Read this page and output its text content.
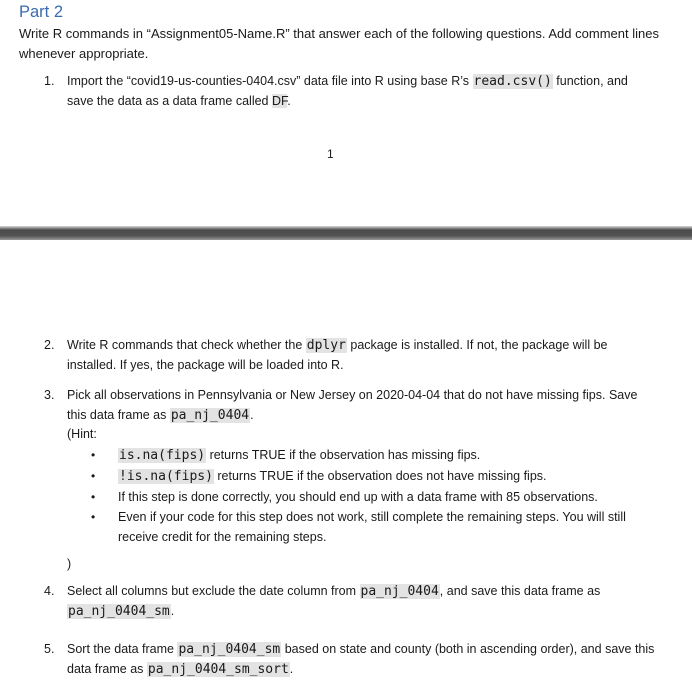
Part 2
Write R commands in “Assignment05-Name.R” that answer each of the following questions. Add comment lines whenever appropriate.
1.	Import the “covid19-us-counties-0404.csv” data file into R using base R’s read.csv() function, and save the data as a data frame called DF.
1
2.	Write R commands that check whether the dplyr package is installed. If not, the package will be installed. If yes, the package will be loaded into R.
3.	Pick all observations in Pennsylvania or New Jersey on 2020-04-04 that do not have missing fips. Save this data frame as pa_nj_0404.
(Hint:
•	is.na(fips) returns TRUE if the observation has missing fips.
•	!is.na(fips) returns TRUE if the observation does not have missing fips.
•	If this step is done correctly, you should end up with a data frame with 85 observations.
•	Even if your code for this step does not work, still complete the remaining steps. You will still receive credit for the remaining steps.
)
4.	Select all columns but exclude the date column from pa_nj_0404, and save this data frame as pa_nj_0404_sm.
5.	Sort the data frame pa_nj_0404_sm based on state and county (both in ascending order), and save this data frame as pa_nj_0404_sm_sort.
